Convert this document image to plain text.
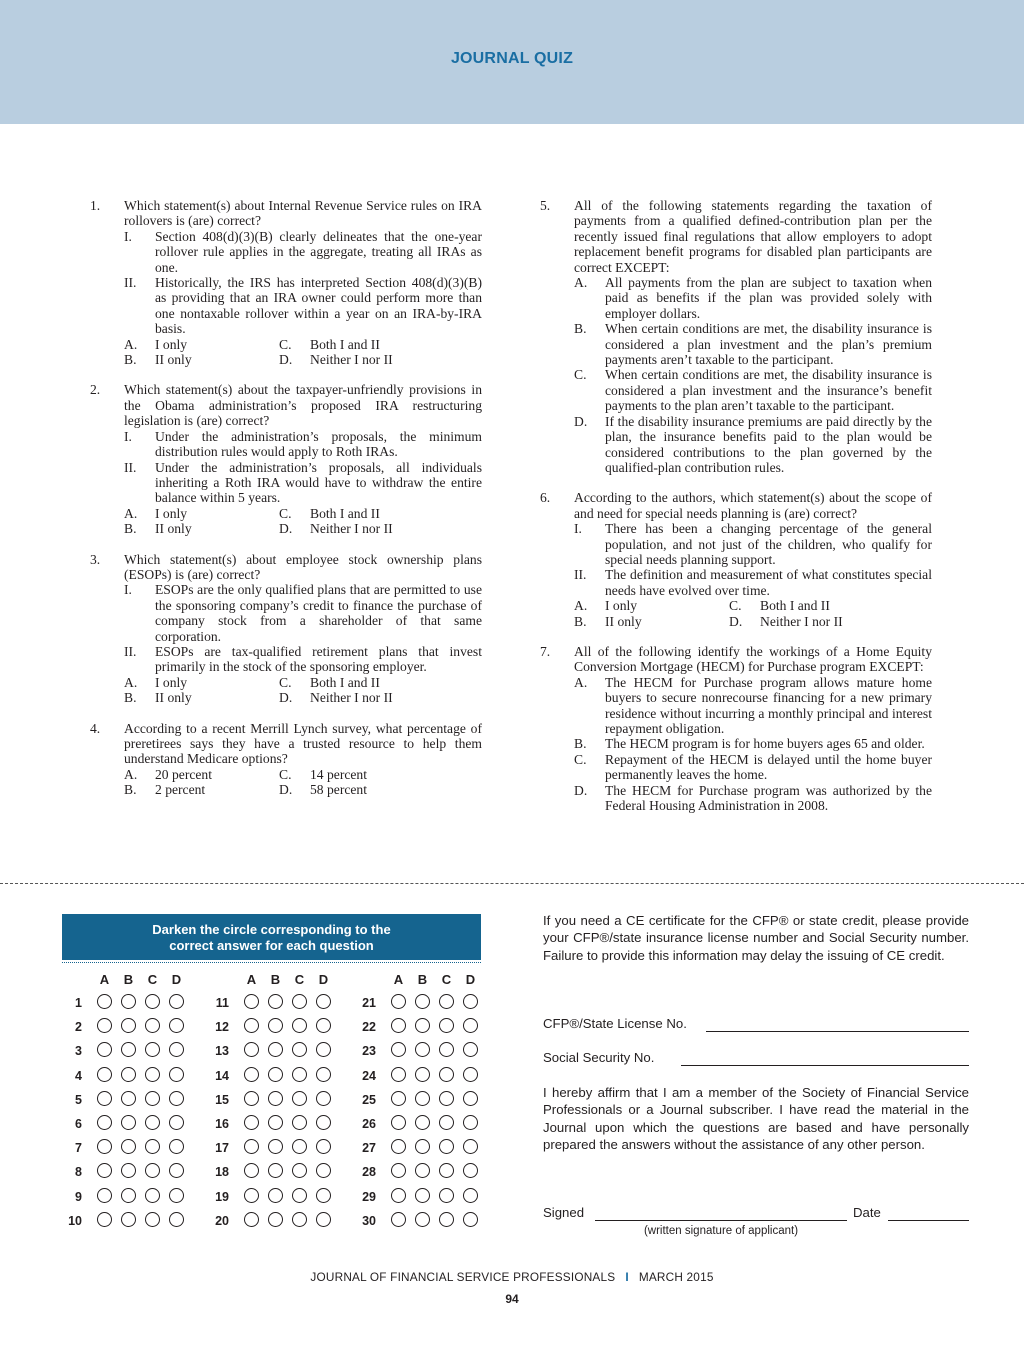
JOURNAL QUIZ
1.	Which statement(s) about Internal Revenue Service rules on IRA rollovers is (are) correct?
I.	Section 408(d)(3)(B) clearly delineates that the one-year rollover rule applies in the aggregate, treating all IRAs as one.
II.	Historically, the IRS has interpreted Section 408(d)(3)(B) as providing that an IRA owner could perform more than one nontaxable rollover within a year on an IRA-by-IRA basis.
A.	I only	C.	Both I and II
B.	II only	D.	Neither I nor II
2.	Which statement(s) about the taxpayer-unfriendly provisions in the Obama administration’s proposed IRA restructuring legislation is (are) correct?
I.	Under the administration’s proposals, the minimum distribution rules would apply to Roth IRAs.
II.	Under the administration’s proposals, all individuals inheriting a Roth IRA would have to withdraw the entire balance within 5 years.
A.	I only	C.	Both I and II
B.	II only	D.	Neither I nor II
3.	Which statement(s) about employee stock ownership plans (ESOPs) is (are) correct?
I.	ESOPs are the only qualified plans that are permitted to use the sponsoring company’s credit to finance the purchase of company stock from a shareholder of that same corporation.
II.	ESOPs are tax-qualified retirement plans that invest primarily in the stock of the sponsoring employer.
A.	I only	C.	Both I and II
B.	II only	D.	Neither I nor II
4.	According to a recent Merrill Lynch survey, what percentage of preretirees says they have a trusted resource to help them understand Medicare options?
A.	20 percent	C.	14 percent
B.	2 percent	D.	58 percent
5.	All of the following statements regarding the taxation of payments from a qualified defined-contribution plan per the recently issued final regulations that allow employers to adopt replacement benefit programs for disabled plan participants are correct EXCEPT:
A.	All payments from the plan are subject to taxation when paid as benefits if the plan was provided solely with employer dollars.
B.	When certain conditions are met, the disability insurance is considered a plan investment and the plan’s premium payments aren’t taxable to the participant.
C.	When certain conditions are met, the disability insurance is considered a plan investment and the insurance’s benefit payments to the plan aren’t taxable to the participant.
D.	If the disability insurance premiums are paid directly by the plan, the insurance benefits paid to the plan would be considered contributions to the plan governed by the qualified-plan contribution rules.
6.	According to the authors, which statement(s) about the scope of and need for special needs planning is (are) correct?
I.	There has been a changing percentage of the general population, and not just of the children, who qualify for special needs planning support.
II.	The definition and measurement of what constitutes special needs have evolved over time.
A.	I only	C.	Both I and II
B.	II only	D.	Neither I nor II
7.	All of the following identify the workings of a Home Equity Conversion Mortgage (HECM) for Purchase program EXCEPT:
A.	The HECM for Purchase program allows mature home buyers to secure nonrecourse financing for a new primary residence without incurring a monthly principal and interest repayment obligation.
B.	The HECM program is for home buyers ages 65 and older.
C.	Repayment of the HECM is delayed until the home buyer permanently leaves the home.
D.	The HECM for Purchase program was authorized by the Federal Housing Administration in 2008.
Darken the circle corresponding to the
correct answer for each question
A B C D
1
2
3
4
5
6
7
8
9
10
A B C D
11
12
13
14
15
16
17
18
19
20
A B C D
21
22
23
24
25
26
27
28
29
30
If you need a CE certificate for the CFP® or state credit, please provide your CFP®/state insurance license number and Social Security number. Failure to provide this information may delay the issuing of CE credit.
CFP®/State License No.
Social Security No.
I hereby affirm that I am a member of the Society of Financial Service Professionals or a Journal subscriber. I have read the material in the Journal upon which the questions are based and have personally prepared the answers without the assistance of any other person.
Signed	Date
(written signature of applicant)
JOURNAL OF FINANCIAL SERVICE PROFESSIONALS I MARCH 2015
94
